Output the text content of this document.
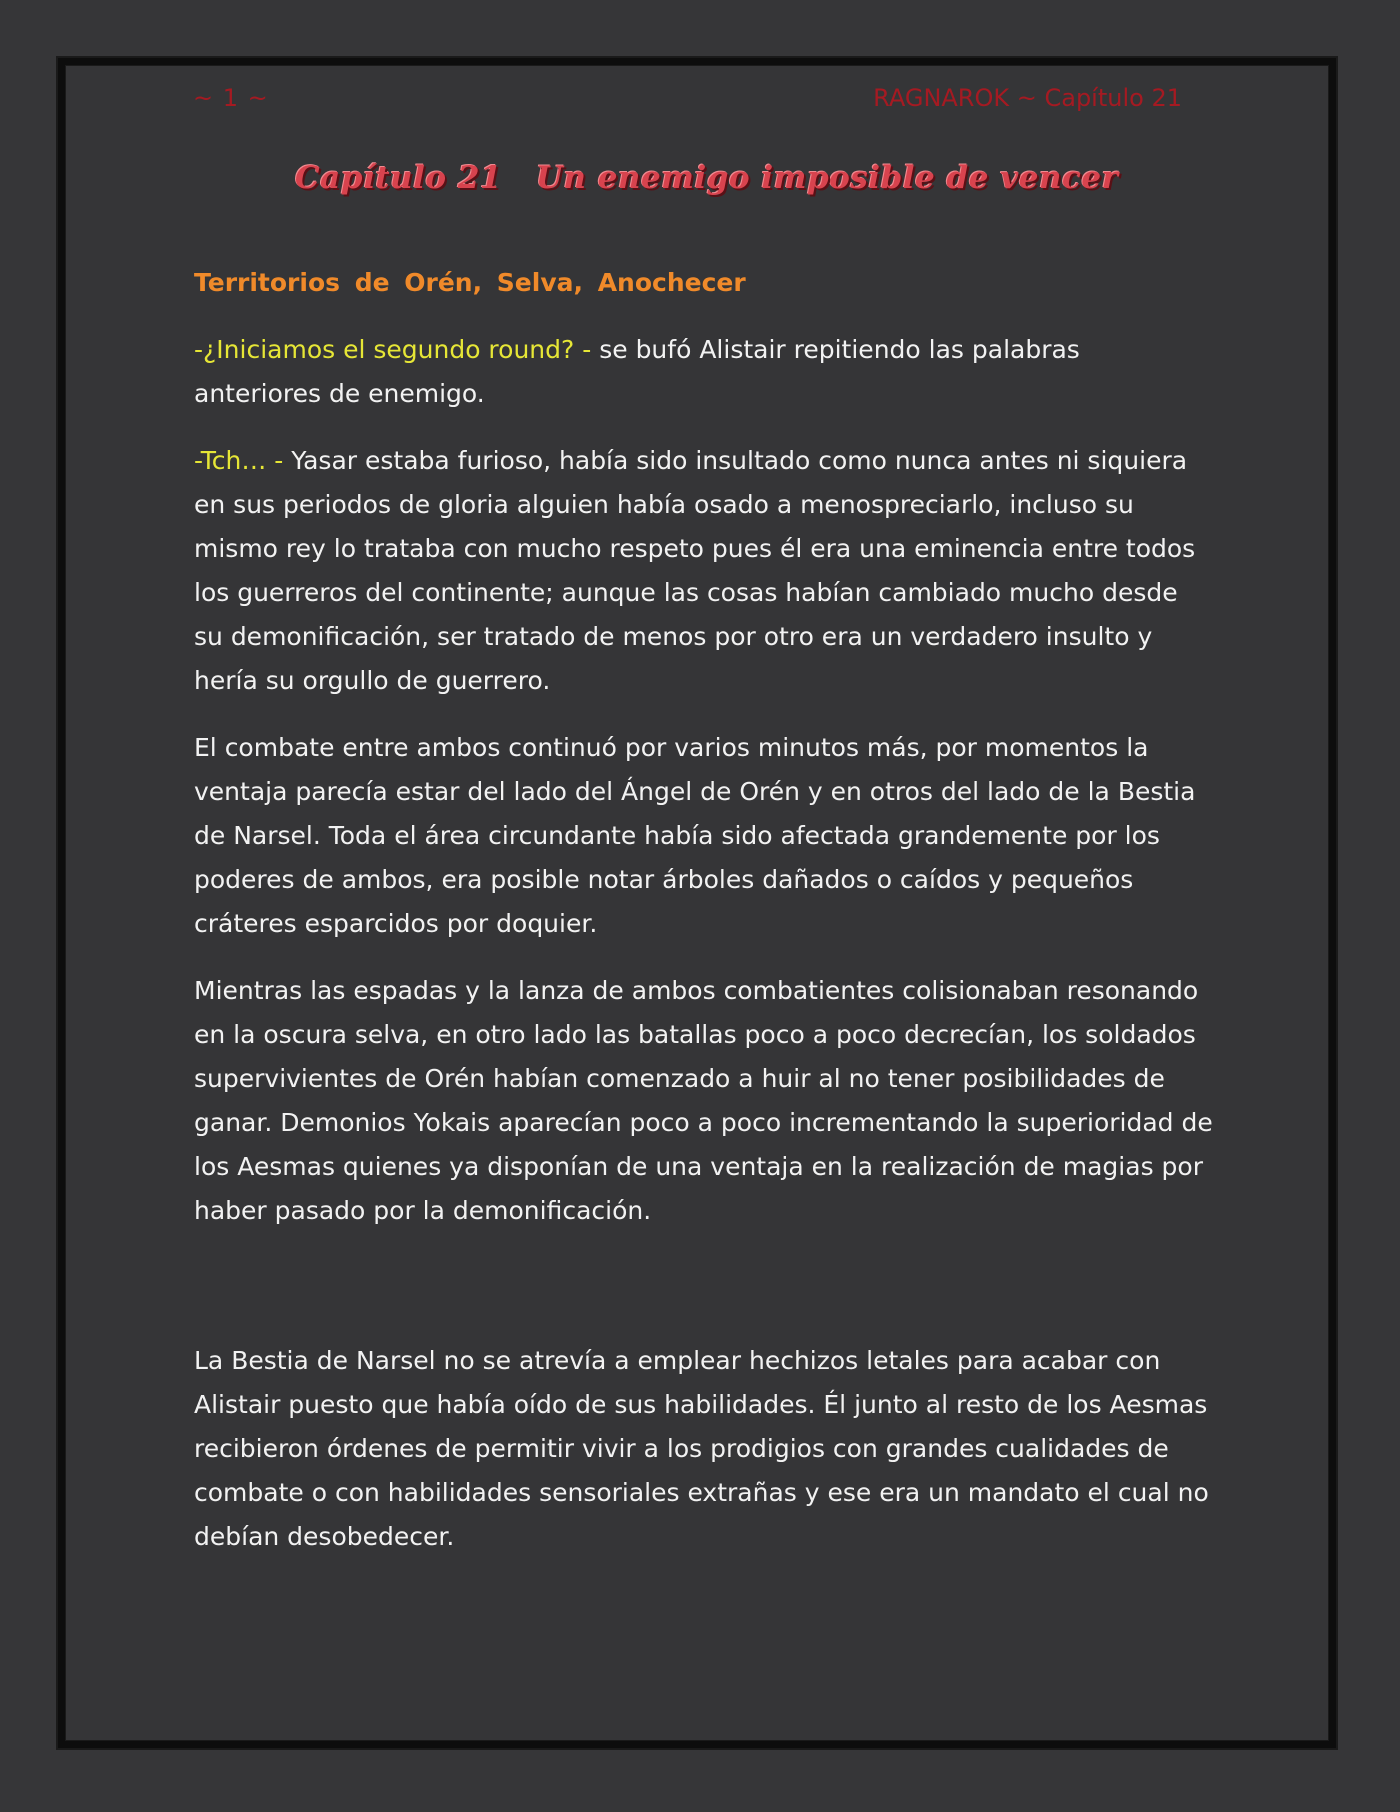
~ 1 ~	RAGNAROK ~ Capítulo 21
Capítulo 21   Un enemigo imposible de vencer

Territorios de Orén, Selva, Anochecer

-¿Iniciamos el segundo round? - se bufó Alistair repitiendo las palabras anteriores de enemigo.

-Tch… - Yasar estaba furioso, había sido insultado como nunca antes ni siquiera en sus periodos de gloria alguien había osado a menospreciarlo, incluso su mismo rey lo trataba con mucho respeto pues él era una eminencia entre todos los guerreros del continente; aunque las cosas habían cambiado mucho desde su demonificación, ser tratado de menos por otro era un verdadero insulto y hería su orgullo de guerrero.

El combate entre ambos continuó por varios minutos más, por momentos la ventaja parecía estar del lado del Ángel de Orén y en otros del lado de la Bestia de Narsel. Toda el área circundante había sido afectada grandemente por los poderes de ambos, era posible notar árboles dañados o caídos y pequeños cráteres esparcidos por doquier.

Mientras las espadas y la lanza de ambos combatientes colisionaban resonando en la oscura selva, en otro lado las batallas poco a poco decrecían, los soldados supervivientes de Orén habían comenzado a huir al no tener posibilidades de ganar. Demonios Yokais aparecían poco a poco incrementando la superioridad de los Aesmas quienes ya disponían de una ventaja en la realización de magias por haber pasado por la demonificación.

La Bestia de Narsel no se atrevía a emplear hechizos letales para acabar con Alistair puesto que había oído de sus habilidades. Él junto al resto de los Aesmas recibieron órdenes de permitir vivir a los prodigios con grandes cualidades de combate o con habilidades sensoriales extrañas y ese era un mandato el cual no debían desobedecer.
